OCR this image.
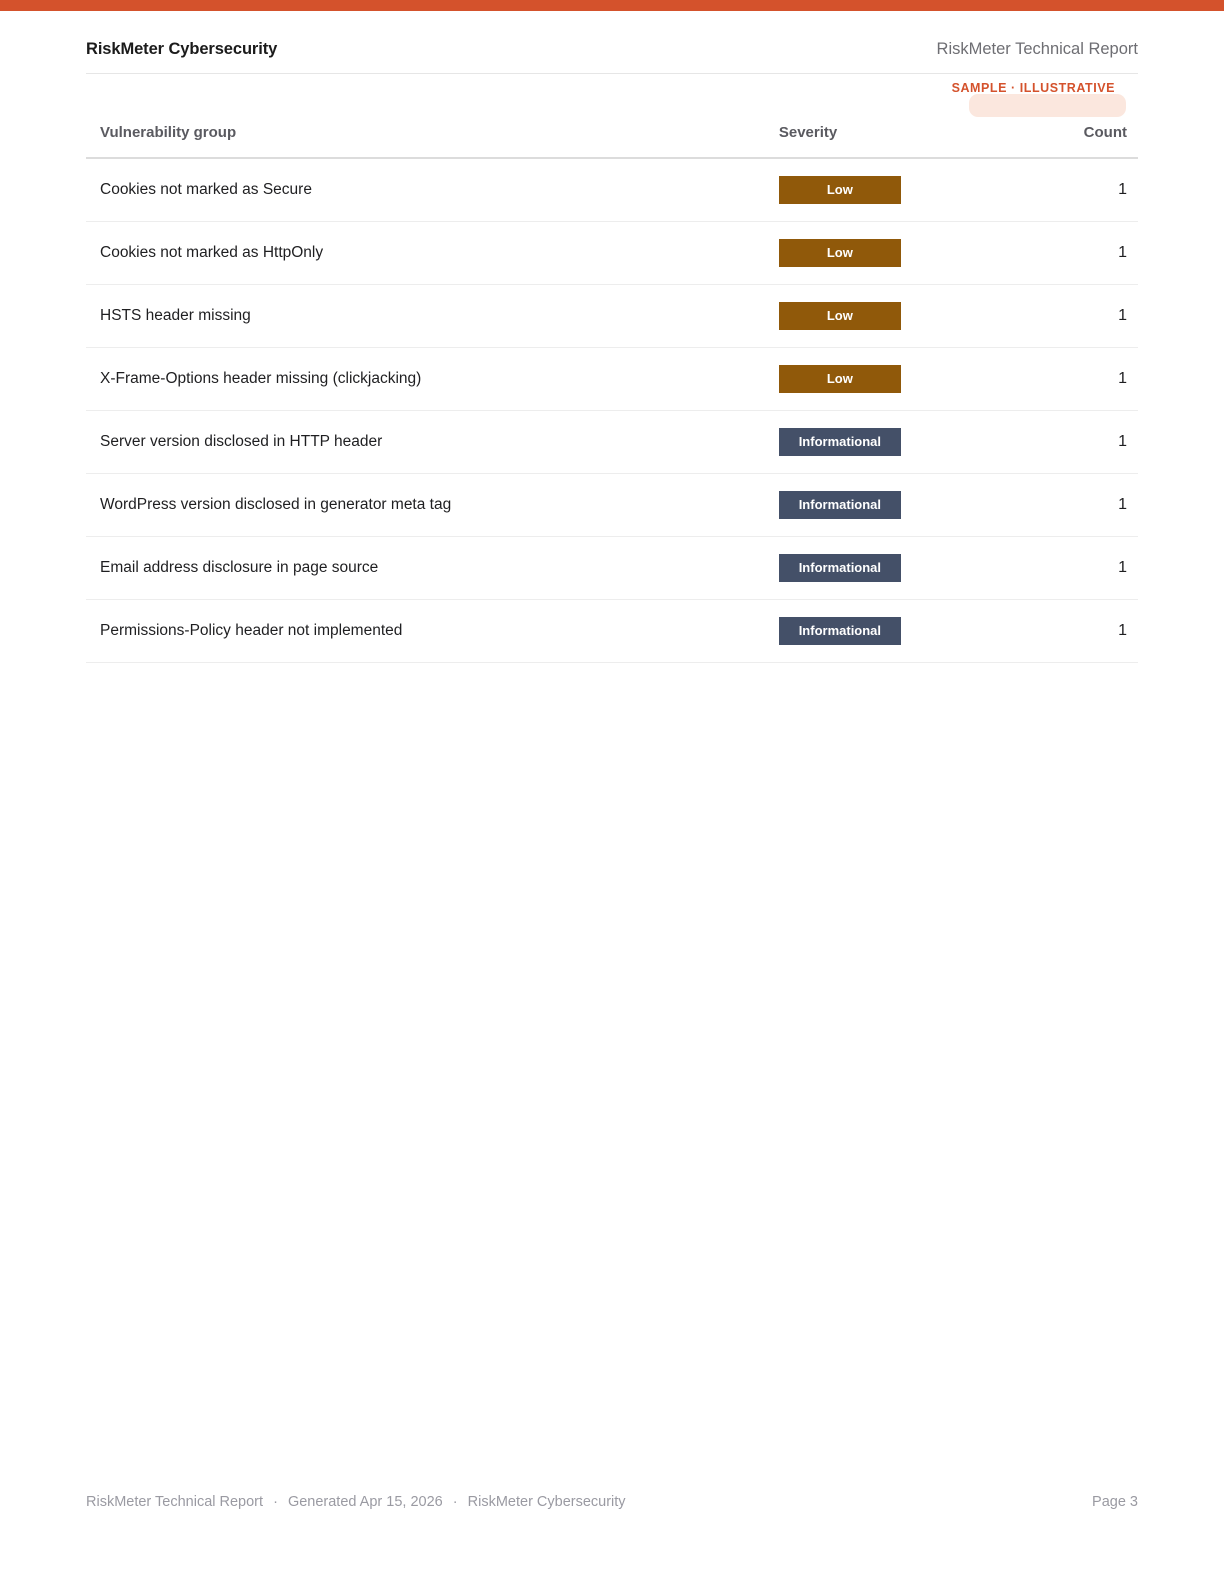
RiskMeter Cybersecurity	RiskMeter Technical Report
SAMPLE · ILLUSTRATIVE
Vulnerability group	Severity	Count
Cookies not marked as Secure	Low	1
Cookies not marked as HttpOnly	Low	1
HSTS header missing	Low	1
X-Frame-Options header missing (clickjacking)	Low	1
Server version disclosed in HTTP header	Informational	1
WordPress version disclosed in generator meta tag	Informational	1
Email address disclosure in page source	Informational	1
Permissions-Policy header not implemented	Informational	1
RiskMeter Technical Report · Generated Apr 15, 2026 · RiskMeter Cybersecurity	Page 3
